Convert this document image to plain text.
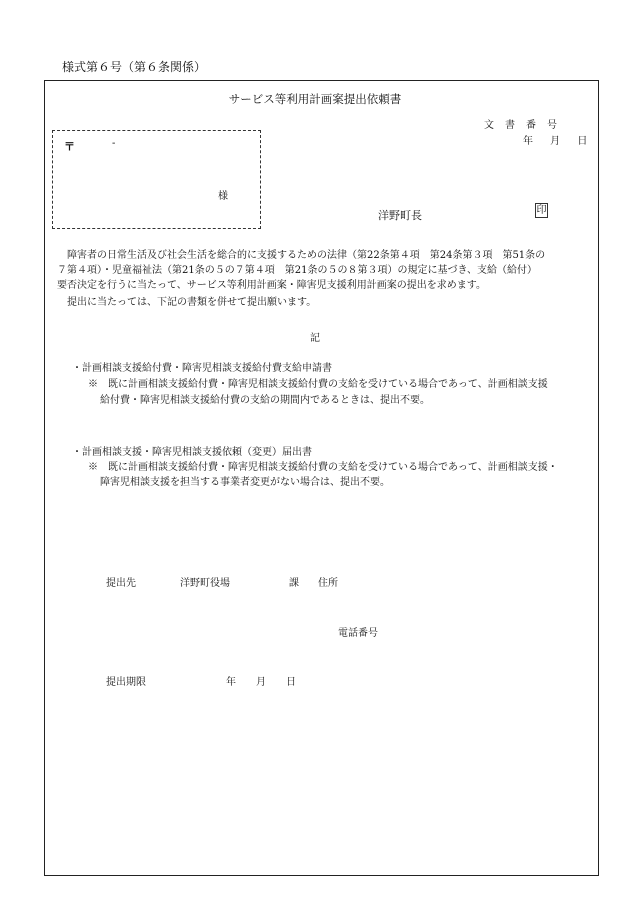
様式第６号（第６条関係）
サービス等利用計画案提出依頼書
文書番号
年 月 日
〒	-
様
洋野町長	印
障害者の日常生活及び社会生活を総合的に支援するための法律（第22条第４項　第24条第３項　第51条の
７第４項）・児童福祉法（第21条の５の７第４項　第21条の５の８第３項）の規定に基づき、支給（給付）
要否決定を行うに当たって、サービス等利用計画案・障害児支援利用計画案の提出を求めます。
提出に当たっては、下記の書類を併せて提出願います。
記
・計画相談支援給付費・障害児相談支援給付費支給申請書
※　既に計画相談支援給付費・障害児相談支援給付費の支給を受けている場合であって、計画相談支援
給付費・障害児相談支援給付費の支給の期間内であるときは、提出不要。
・計画相談支援・障害児相談支援依頼（変更）届出書
※　既に計画相談支援給付費・障害児相談支援給付費の支給を受けている場合であって、計画相談支援・
障害児相談支援を担当する事業者変更がない場合は、提出不要。
提出先	洋野町役場	課 住所
電話番号
提出期限	年月日
